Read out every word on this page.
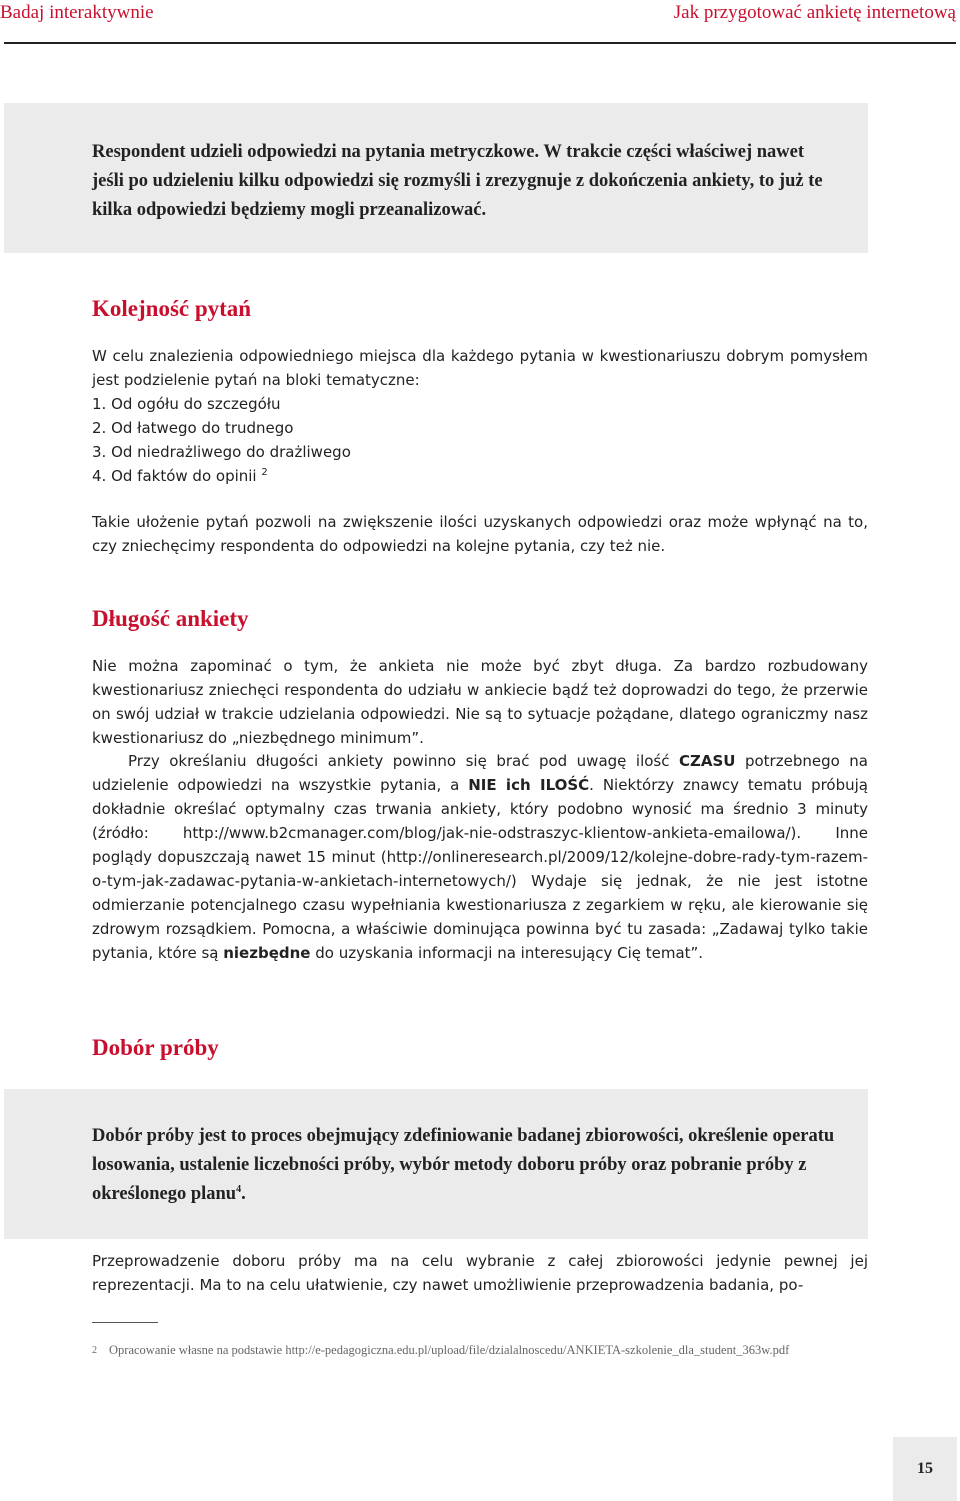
Badaj interaktywnie	Jak przygotować ankietę internetową
Respondent udzieli odpowiedzi na pytania metryczkowe. W trakcie części właściwej nawet jeśli po udzieleniu kilku odpowiedzi się rozmyśli i zrezygnuje z dokończenia ankiety, to już te kilka odpowiedzi będziemy mogli przeanalizować.
Kolejność pytań
W celu znalezienia odpowiedniego miejsca dla każdego pytania w kwestionariuszu dobrym pomysłem jest podzielenie pytań na bloki tematyczne:
1. Od ogółu do szczegółu
2. Od łatwego do trudnego
3. Od niedrażliwego do drażliwego
4. Od faktów do opinii $^2$
Takie ułożenie pytań pozwoli na zwiększenie ilości uzyskanych odpowiedzi oraz może wpłynąć na to, czy zniechęcimy respondenta do odpowiedzi na kolejne pytania, czy też nie.
Długość ankiety
Nie można zapominać o tym, że ankieta nie może być zbyt długa. Za bardzo rozbudowany kwestionariusz zniechęci respondenta do udziału w ankiecie bądź też doprowadzi do tego, że przerwie on swój udział w trakcie udzielania odpowiedzi. Nie są to sytuacje pożądane, dlatego ograniczmy nasz kwestionariusz do „niezbędnego minimum”.
Przy określaniu długości ankiety powinno się brać pod uwagę ilość CZASU potrzebnego na udzielenie odpowiedzi na wszystkie pytania, a NIE ich ILOŚĆ. Niektórzy znawcy tematu próbują dokładnie określać optymalny czas trwania ankiety, który podobno wynosić ma średnio 3 minuty (źródło: http://www.b2cmanager.com/blog/jak-nie-odstraszyc-klientow-ankieta-emailowa/). Inne poglądy dopuszczają nawet 15 minut (http://onlineresearch.pl/2009/12/kolejne-dobre-rady-tym-razem-o-tym-jak-zadawac-pytania-w-ankietach-internetowych/) Wydaje się jednak, że nie jest istotne odmierzanie potencjalnego czasu wypełniania kwestionariusza z zegarkiem w ręku, ale kierowanie się zdrowym rozsądkiem. Pomocna, a właściwie dominująca powinna być tu zasada: „Zadawaj tylko takie pytania, które są niezbędne do uzyskania informacji na interesujący Cię temat”.
Dobór próby
Dobór próby jest to proces obejmujący zdefiniowanie badanej zbiorowości, określenie operatu losowania, ustalenie liczebności próby, wybór metody doboru próby oraz pobranie próby z określonego planu$^4$.
Przeprowadzenie doboru próby ma na celu wybranie z całej zbiorowości jedynie pewnej jej reprezentacji. Ma to na celu ułatwienie, czy nawet umożliwienie przeprowadzenia badania, po-
2 Opracowanie własne na podstawie http://e-pedagogiczna.edu.pl/upload/file/dzialalnoscedu/ANKIETA-szkolenie_dla_student_363w.pdf
15
